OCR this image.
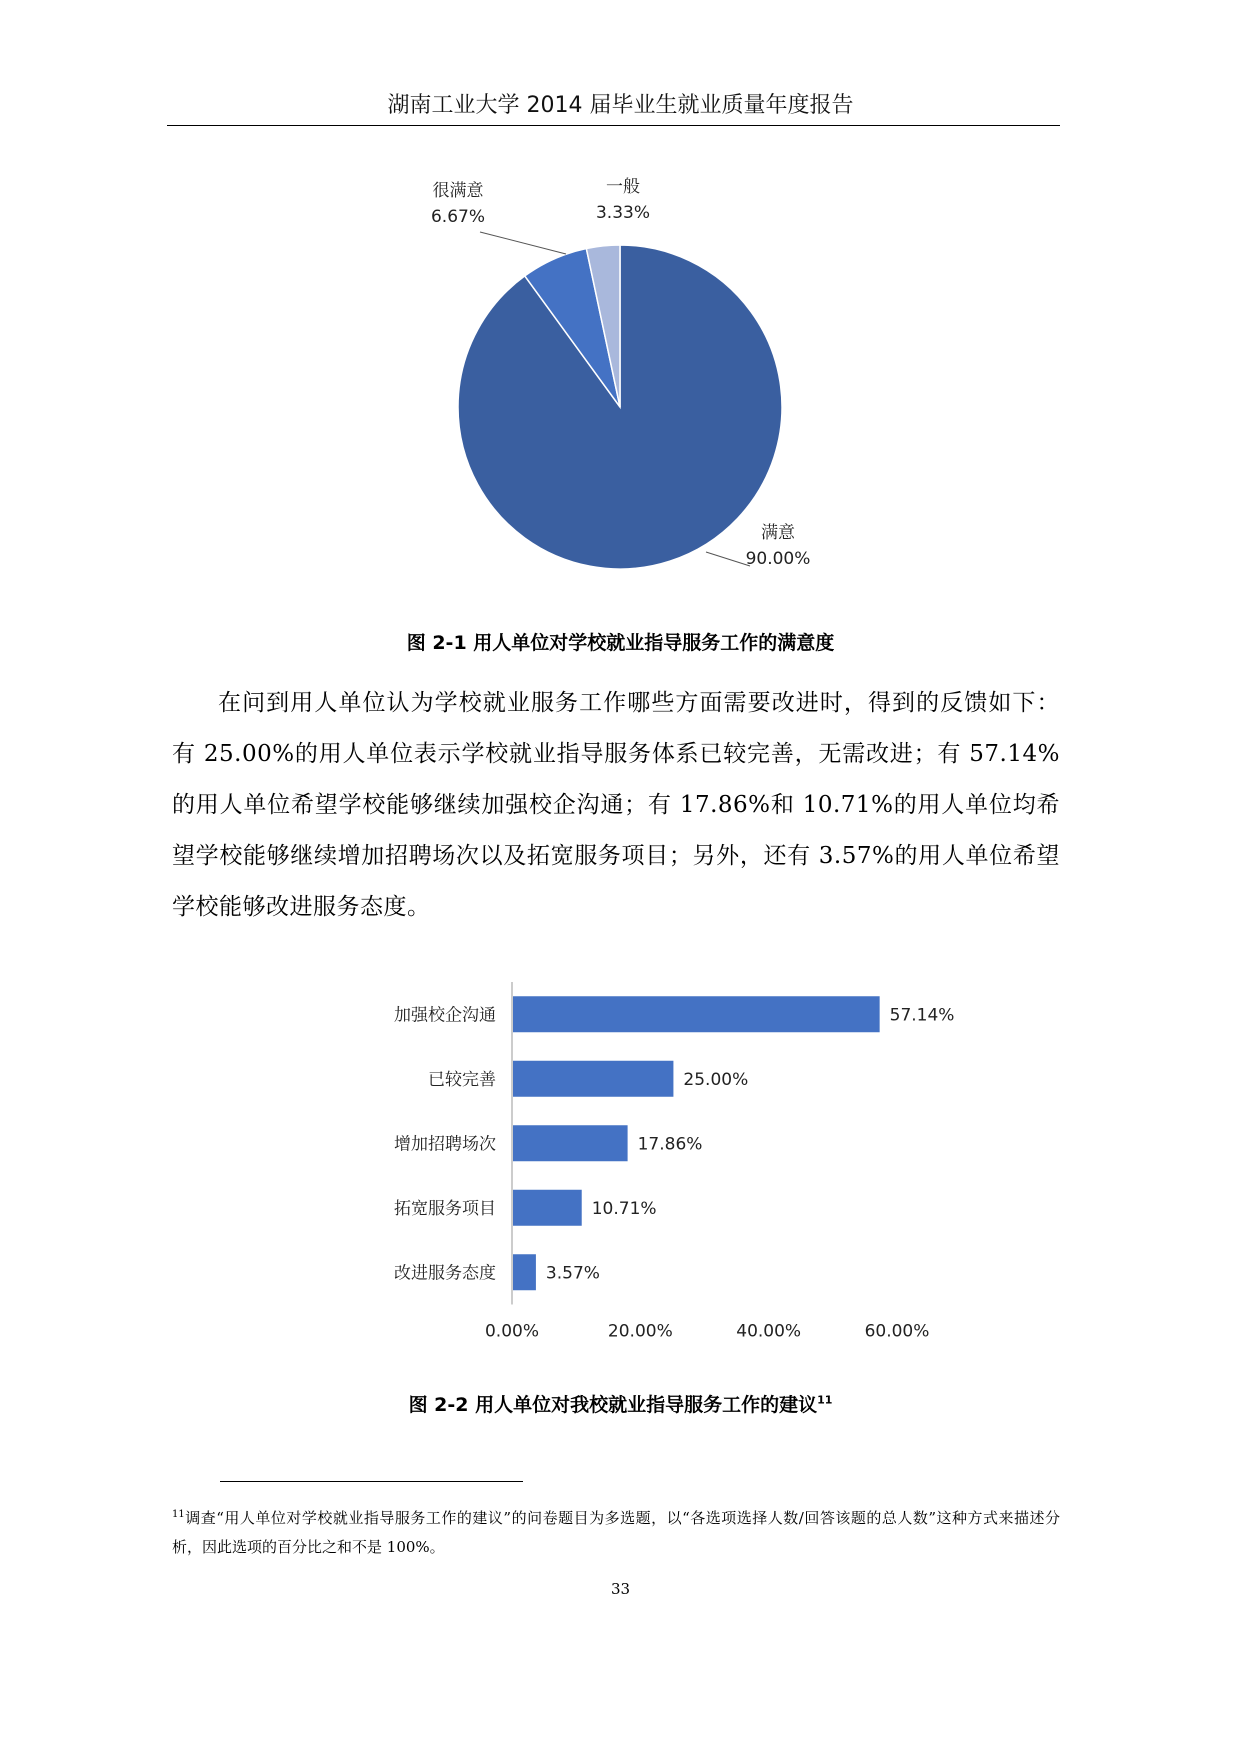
湖南工业大学 2014 届毕业生就业质量年度报告
满意
90.00%
很满意
6.67%
一般
3.33%
图 2-1 用人单位对学校就业指导服务工作的满意度
在问到用人单位认为学校就业服务工作哪些方面需要改进时，得到的反馈如下：有 25.00%的用人单位表示学校就业指导服务体系已较完善，无需改进；有 57.14%的用人单位希望学校能够继续加强校企沟通；有 17.86%和 10.71%的用人单位均希望学校能够继续增加招聘场次以及拓宽服务项目；另外，还有 3.57%的用人单位希望学校能够改进服务态度。
加强校企沟通	57.14%
已较完善	25.00%
增加招聘场次	17.86%
拓宽服务项目	10.71%
改进服务态度	3.57%
0.00%	20.00%	40.00%	60.00%
图 2-2 用人单位对我校就业指导服务工作的建议$^{11}$
$^{11}$调查“用人单位对学校就业指导服务工作的建议”的问卷题目为多选题，以“各选项选择人数/回答该题的总人数”这种方式来描述分析，因此选项的百分比之和不是 100%。
33
